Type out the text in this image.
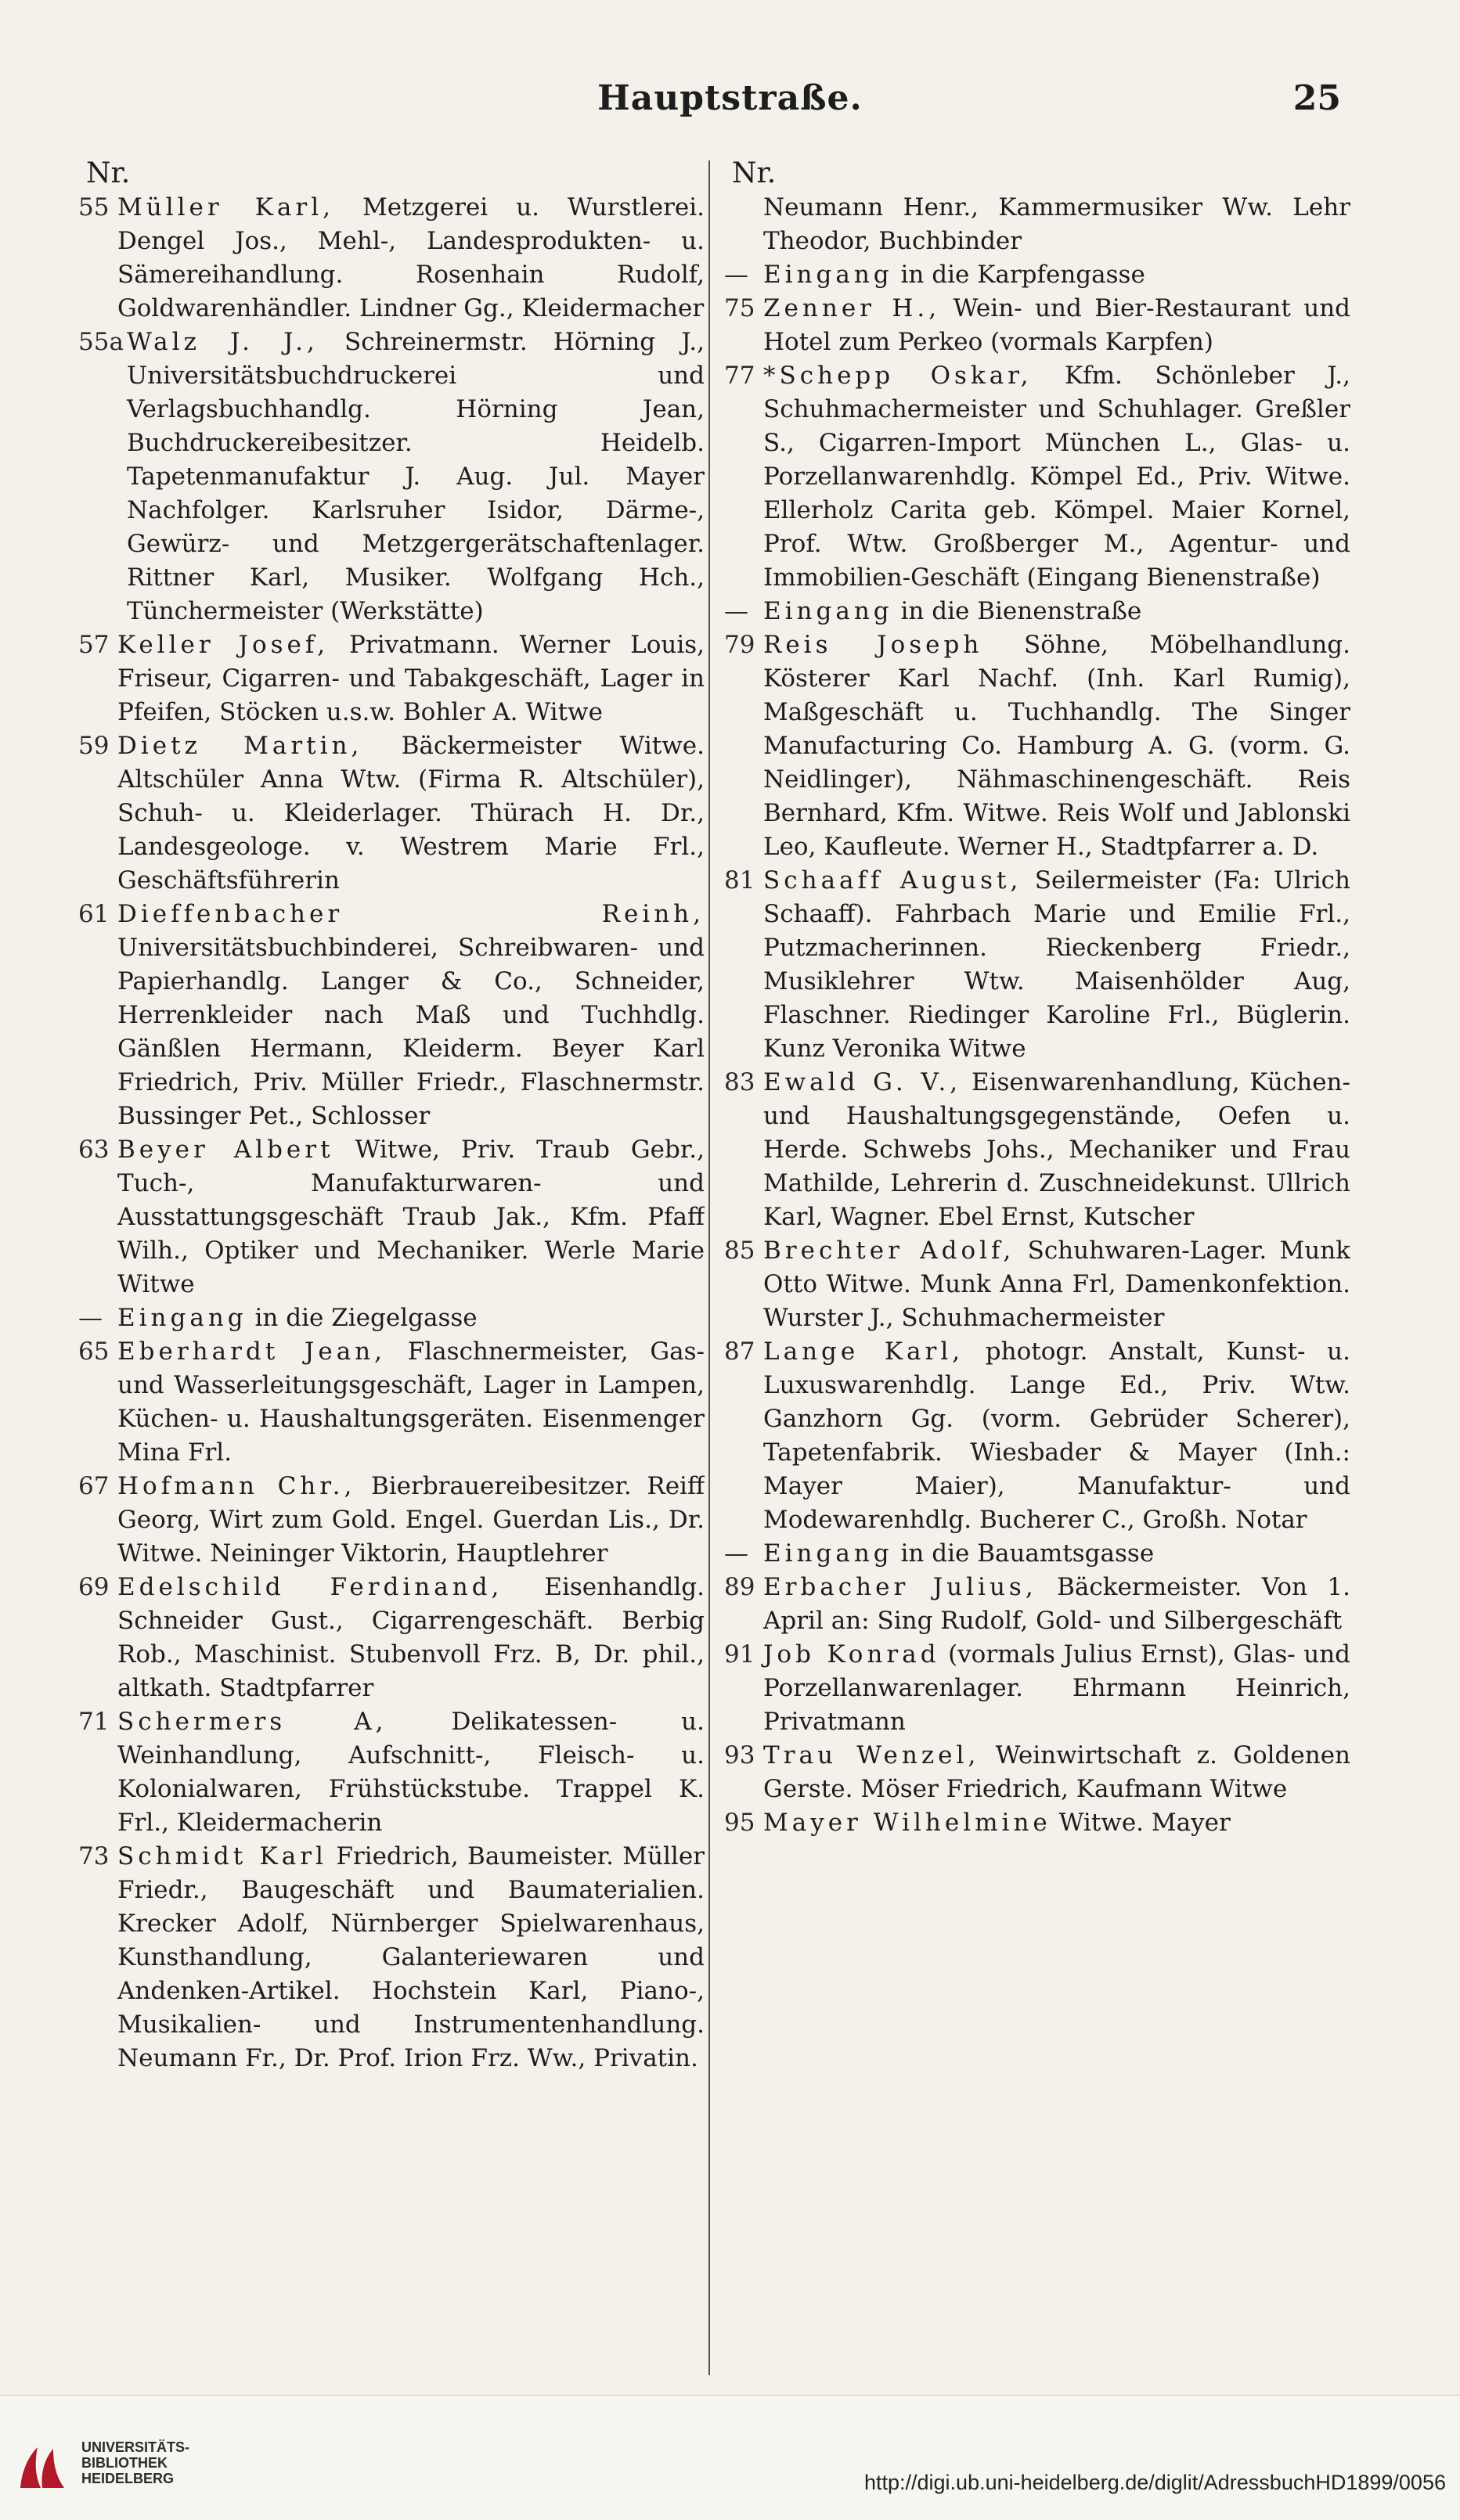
Hauptstraße.	25
Nr.
55 Müller Karl, Metzgerei u. Wurstlerei. Dengel Jos., Mehl-, Landesprodukten- u. Sämereihandlung. Rosenhain Rudolf, Goldwarenhändler. Lindner Gg., Kleidermacher
55a Walz J. J., Schreinermstr. Hörning J., Universitätsbuchdruckerei und Verlagsbuchhandlg. Hörning Jean, Buchdruckereibesitzer. Heidelb. Tapetenmanufaktur J. Aug. Jul. Mayer Nachfolger. Karlsruher Isidor, Därme-, Gewürz- und Metzgergerätschaftenlager. Rittner Karl, Musiker. Wolfgang Hch., Tünchermeister (Werkstätte)
57 Keller Josef, Privatmann. Werner Louis, Friseur, Cigarren- und Tabakgeschäft, Lager in Pfeifen, Stöcken u.s.w. Bohler A. Witwe
59 Dietz Martin, Bäckermeister Witwe. Altschüler Anna Wtw. (Firma R. Altschüler), Schuh- u. Kleiderlager. Thürach H. Dr., Landesgeologe. v. Westrem Marie Frl., Geschäftsführerin
61 Dieffenbacher Reinh, Universitätsbuchbinderei, Schreibwaren- und Papierhandlg. Langer & Co., Schneider, Herrenkleider nach Maß und Tuchhdlg. Gänßlen Hermann, Kleiderm. Beyer Karl Friedrich, Priv. Müller Friedr., Flaschnermstr. Bussinger Pet., Schlosser
63 Beyer Albert Witwe, Priv. Traub Gebr., Tuch-, Manufakturwaren- und Ausstattungsgeschäft Traub Jak., Kfm. Pfaff Wilh., Optiker und Mechaniker. Werle Marie Witwe
— Eingang in die Ziegelgasse
65 Eberhardt Jean, Flaschnermeister, Gas- und Wasserleitungsgeschäft, Lager in Lampen, Küchen- u. Haushaltungsgeräten. Eisenmenger Mina Frl.
67 Hofmann Chr., Bierbrauereibesitzer. Reiff Georg, Wirt zum Gold. Engel. Guerdan Lis., Dr. Witwe. Neininger Viktorin, Hauptlehrer
69 Edelschild Ferdinand, Eisenhandlg. Schneider Gust., Cigarrengeschäft. Berbig Rob., Maschinist. Stubenvoll Frz. B, Dr. phil., altkath. Stadtpfarrer
71 Schermers A,	Delikatessen- u. Weinhandlung, Aufschnitt-, Fleisch- u. Kolonialwaren, Frühstückstube. Trappel K. Frl., Kleidermacherin
73 Schmidt Karl Friedrich, Baumeister. Müller Friedr., Baugeschäft und Baumaterialien. Krecker Adolf, Nürnberger Spielwarenhaus, Kunsthandlung, Galanteriewaren und Andenken-Artikel. Hochstein Karl, Piano-, Musikalien- und Instrumentenhandlung. Neumann Fr., Dr. Prof. Irion Frz. Ww., Privatin.
Nr.
Neumann Henr., Kammermusiker Ww. Lehr Theodor, Buchbinder
— Eingang in die Karpfengasse
75 Zenner H., Wein- und Bier-Restaurant und Hotel zum Perkeo (vormals Karpfen)
77 *Schepp Oskar, Kfm. Schönleber J., Schuhmachermeister und Schuhlager. Greßler S., Cigarren-Import München L., Glas- u. Porzellanwarenhdlg. Kömpel Ed., Priv. Witwe. Ellerholz Carita geb. Kömpel. Maier Kornel, Prof. Wtw. Großberger M., Agentur- und Immobilien-Geschäft (Eingang Bienenstraße)
— Eingang in die Bienenstraße
79 Reis Joseph Söhne, Möbelhandlung. Kösterer Karl Nachf. (Inh. Karl Rumig), Maßgeschäft u. Tuchhandlg. The Singer Manufacturing Co. Hamburg A. G. (vorm. G. Neidlinger), Nähmaschinengeschäft. Reis Bernhard, Kfm. Witwe. Reis Wolf und Jablonski Leo, Kaufleute. Werner H., Stadtpfarrer a. D.
81 Schaaff August, Seilermeister (Fa: Ulrich Schaaff). Fahrbach Marie und Emilie Frl., Putzmacherinnen. Rieckenberg Friedr., Musiklehrer Wtw. Maisenhölder Aug, Flaschner. Riedinger Karoline Frl., Büglerin. Kunz Veronika Witwe
83 Ewald G. V., Eisenwarenhandlung, Küchen- und Haushaltungsgegenstände, Oefen u. Herde. Schwebs Johs., Mechaniker und Frau Mathilde, Lehrerin d. Zuschneidekunst. Ullrich Karl, Wagner. Ebel Ernst, Kutscher
85 Brechter Adolf, Schuhwaren-Lager. Munk Otto Witwe. Munk Anna Frl, Damenkonfektion. Wurster J., Schuhmachermeister
87 Lange Karl, photogr. Anstalt, Kunst- u. Luxuswarenhdlg. Lange Ed., Priv. Wtw. Ganzhorn Gg. (vorm. Gebrüder Scherer), Tapetenfabrik. Wiesbader & Mayer (Inh.: Mayer Maier), Manufaktur- und Modewarenhdlg. Bucherer C., Großh. Notar
— Eingang in die Bauamtsgasse
89 Erbacher Julius, Bäckermeister. Von 1. April an: Sing Rudolf, Gold- und Silbergeschäft
91 Job Konrad (vormals Julius Ernst), Glas- und Porzellanwarenlager. Ehrmann Heinrich, Privatmann
93 Trau Wenzel, Weinwirtschaft z. Goldenen Gerste. Möser Friedrich, Kaufmann Witwe
95 Mayer Wilhelmine Witwe. Mayer
UNIVERSITÄTS-
BIBLIOTHEK
HEIDELBERG	http://digi.ub.uni-heidelberg.de/diglit/AdressbuchHD1899/0056
